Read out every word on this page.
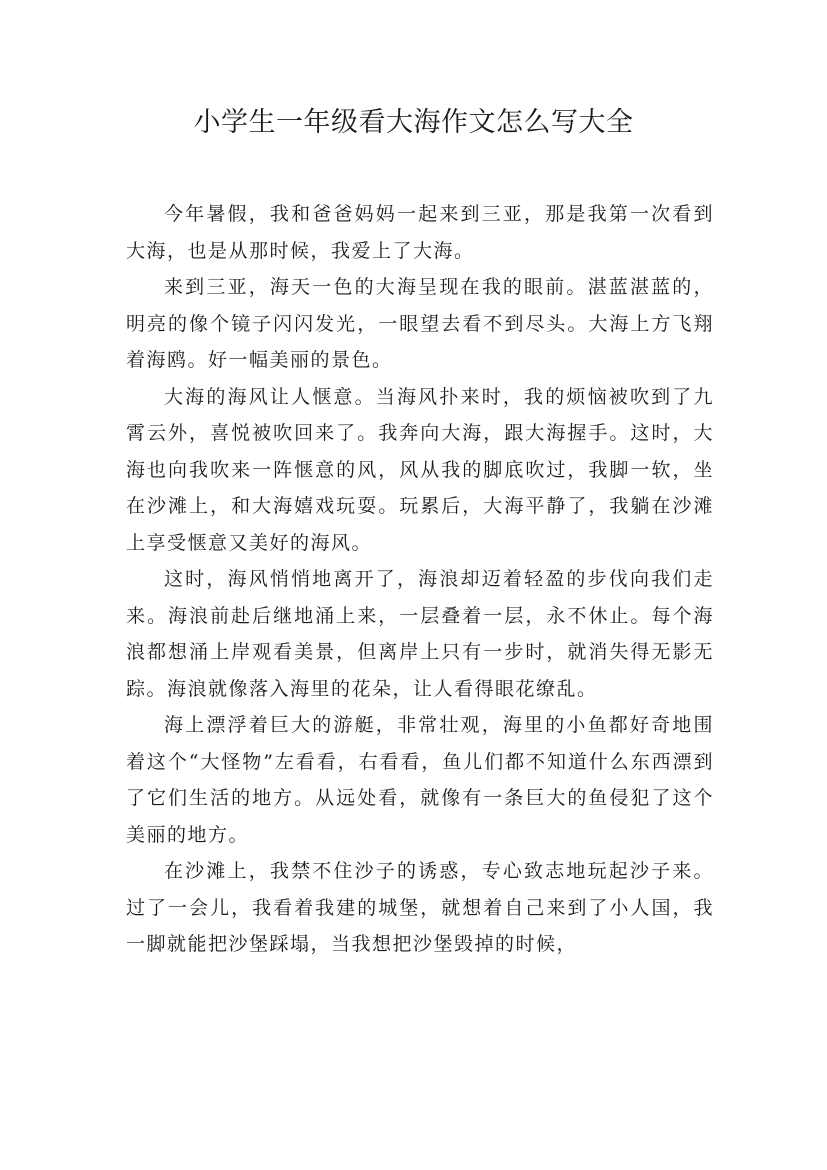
小学生一年级看大海作文怎么写大全

今年暑假，我和爸爸妈妈一起来到三亚，那是我第一次看到大海，也是从那时候，我爱上了大海。

来到三亚，海天一色的大海呈现在我的眼前。湛蓝湛蓝的，明亮的像个镜子闪闪发光，一眼望去看不到尽头。大海上方飞翔着海鸥。好一幅美丽的景色。

大海的海风让人惬意。当海风扑来时，我的烦恼被吹到了九霄云外，喜悦被吹回来了。我奔向大海，跟大海握手。这时，大海也向我吹来一阵惬意的风，风从我的脚底吹过，我脚一软，坐在沙滩上，和大海嬉戏玩耍。玩累后，大海平静了，我躺在沙滩上享受惬意又美好的海风。

这时，海风悄悄地离开了，海浪却迈着轻盈的步伐向我们走来。海浪前赴后继地涌上来，一层叠着一层，永不休止。每个海浪都想涌上岸观看美景，但离岸上只有一步时，就消失得无影无踪。海浪就像落入海里的花朵，让人看得眼花缭乱。

海上漂浮着巨大的游艇，非常壮观，海里的小鱼都好奇地围着这个“大怪物”左看看，右看看，鱼儿们都不知道什么东西漂到了它们生活的地方。从远处看，就像有一条巨大的鱼侵犯了这个美丽的地方。

在沙滩上，我禁不住沙子的诱惑，专心致志地玩起沙子来。过了一会儿，我看着我建的城堡，就想着自己来到了小人国，我一脚就能把沙堡踩塌，当我想把沙堡毁掉的时候，
